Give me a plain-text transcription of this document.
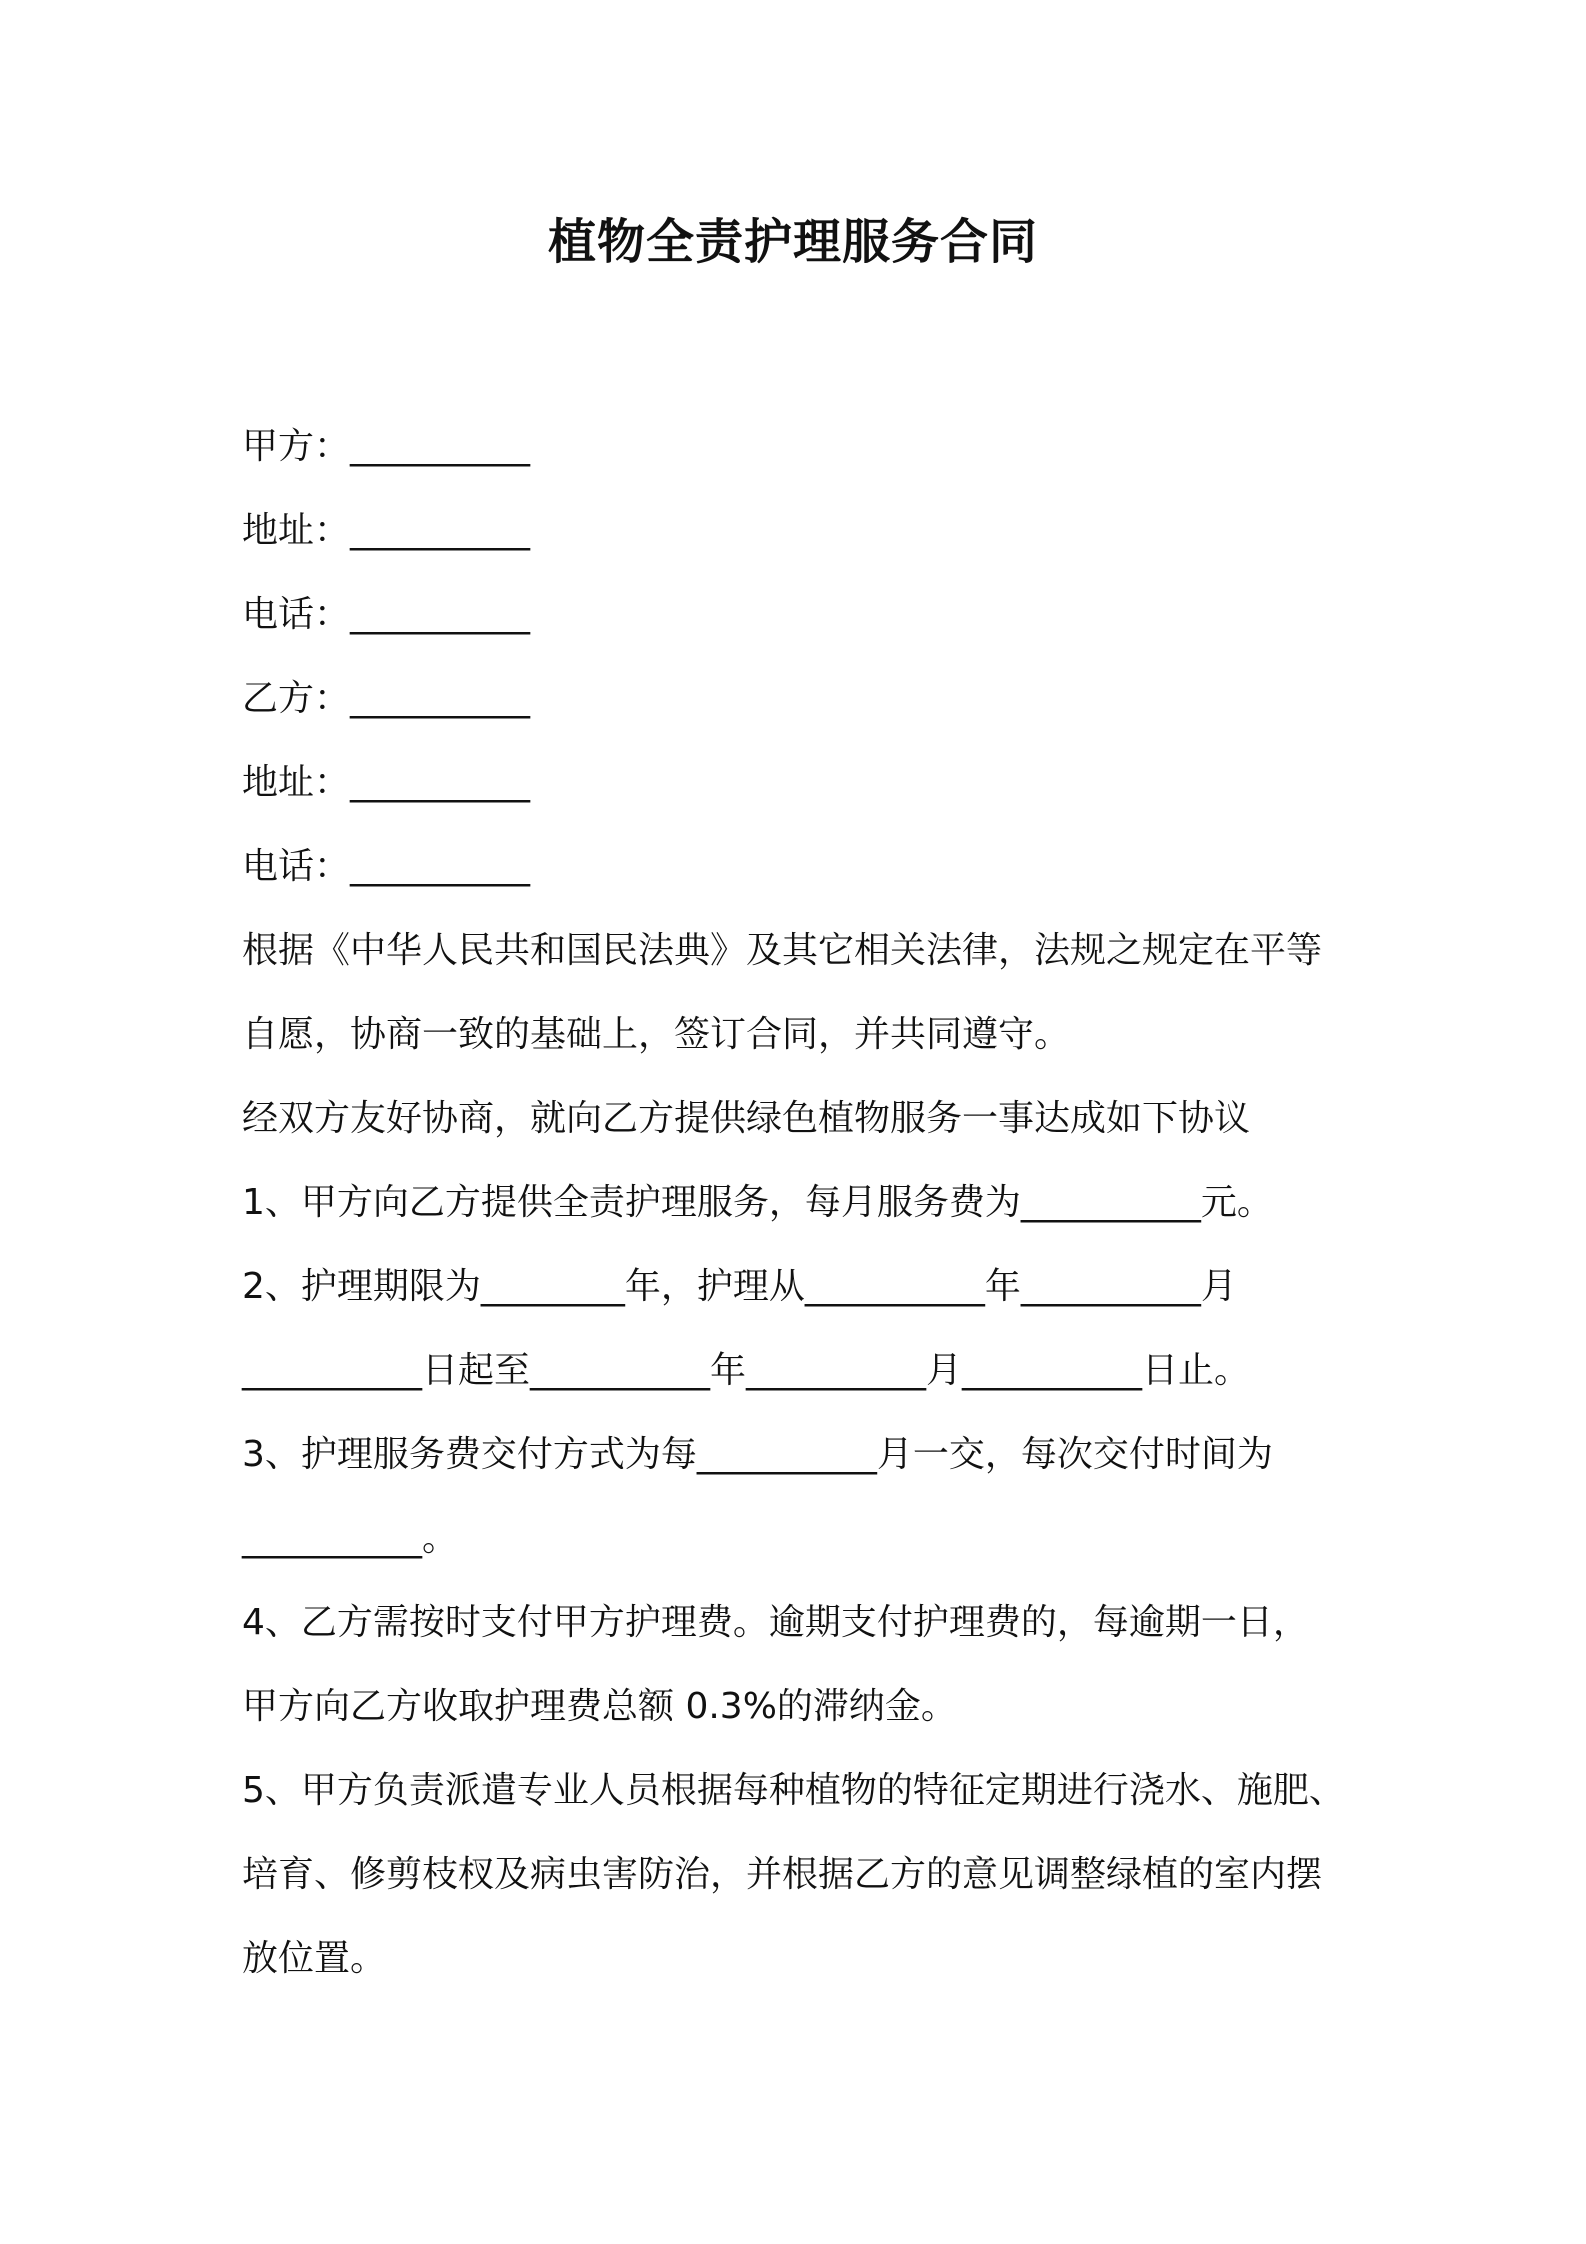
植物全责护理服务合同
甲方：__________
地址：__________
电话：__________
乙方：__________
地址：__________
电话：__________
根据《中华人民共和国民法典》及其它相关法律，法规之规定在平等
自愿，协商一致的基础上，签订合同，并共同遵守。
经双方友好协商，就向乙方提供绿色植物服务一事达成如下协议
1、甲方向乙方提供全责护理服务，每月服务费为__________元。
2、护理期限为________年，护理从__________年__________月
__________日起至__________年__________月__________日止。
3、护理服务费交付方式为每__________月一交，每次交付时间为
__________。
4、乙方需按时支付甲方护理费。逾期支付护理费的，每逾期一日，
甲方向乙方收取护理费总额 0.3%的滞纳金。
5、甲方负责派遣专业人员根据每种植物的特征定期进行浇水、施肥、
培育、修剪枝杈及病虫害防治，并根据乙方的意见调整绿植的室内摆
放位置。
